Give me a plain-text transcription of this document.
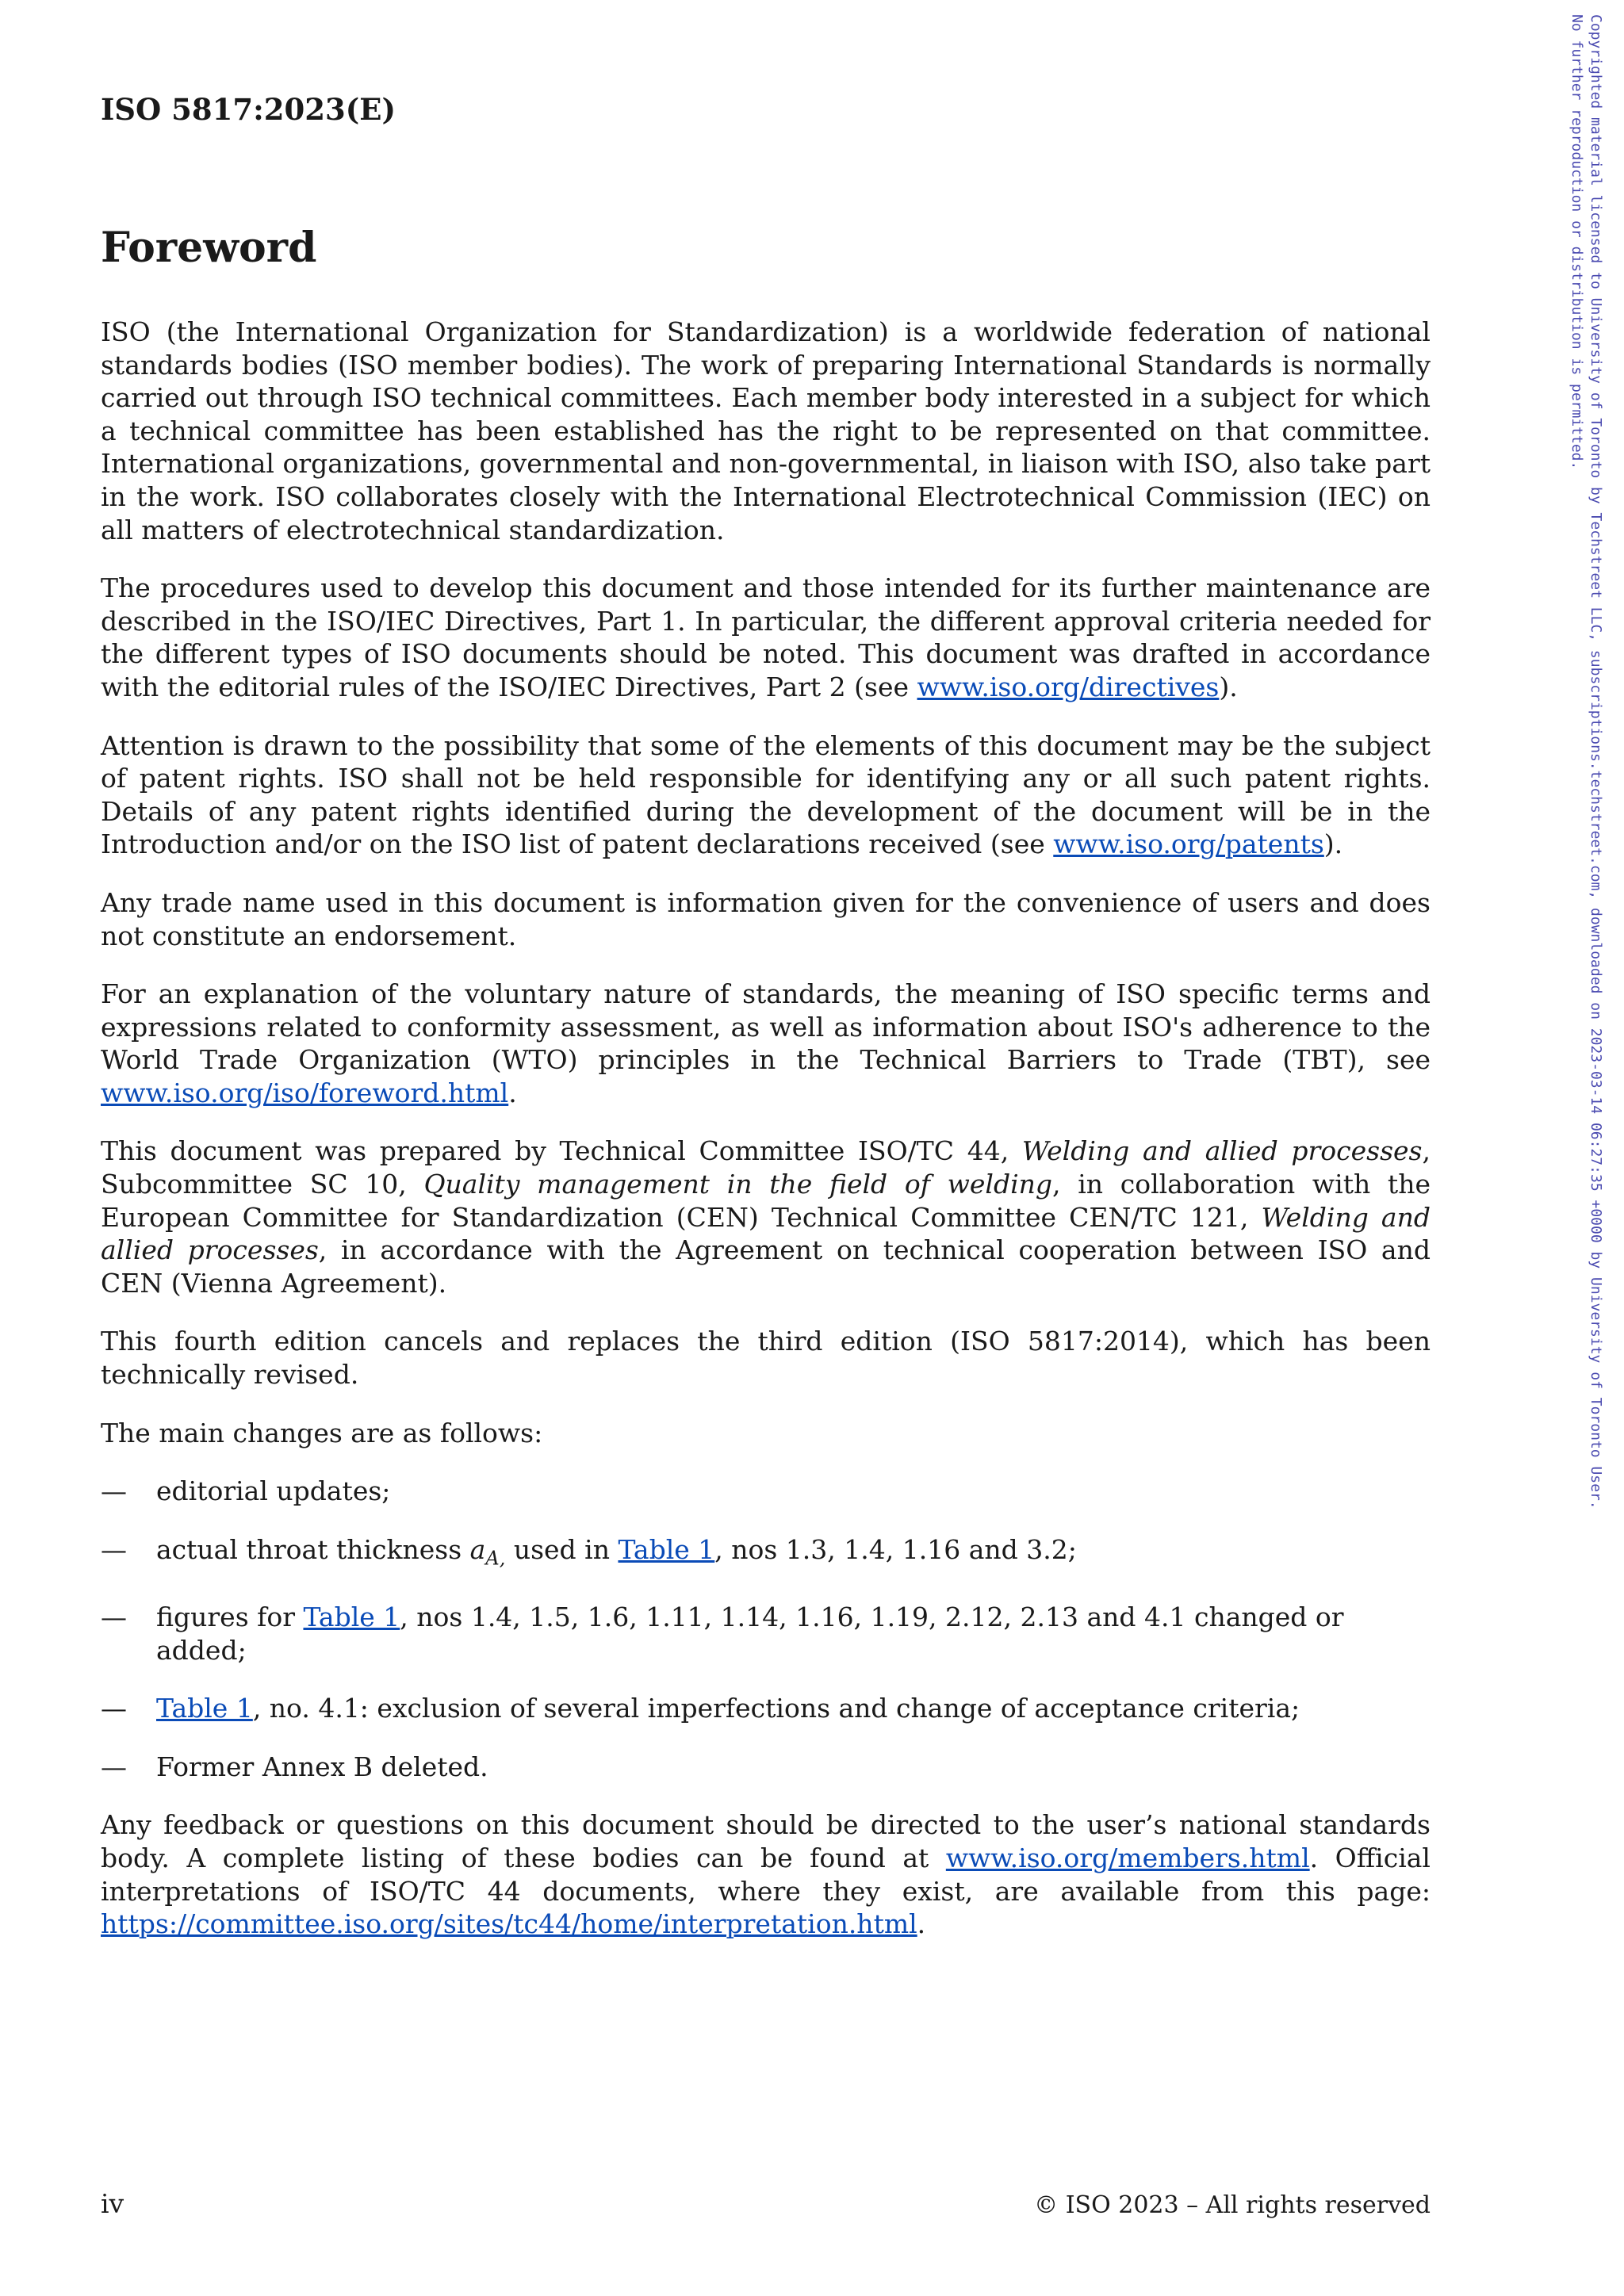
ISO 5817:2023(E)
Foreword

ISO (the International Organization for Standardization) is a worldwide federation of national standards bodies (ISO member bodies). The work of preparing International Standards is normally carried out through ISO technical committees. Each member body interested in a subject for which a technical committee has been established has the right to be represented on that committee. International organizations, governmental and non-governmental, in liaison with ISO, also take part in the work. ISO collaborates closely with the International Electrotechnical Commission (IEC) on all matters of electrotechnical standardization.

The procedures used to develop this document and those intended for its further maintenance are described in the ISO/IEC Directives, Part 1. In particular, the different approval criteria needed for the different types of ISO documents should be noted. This document was drafted in accordance with the editorial rules of the ISO/IEC Directives, Part 2 (see www.iso.org/directives).

Attention is drawn to the possibility that some of the elements of this document may be the subject of patent rights. ISO shall not be held responsible for identifying any or all such patent rights. Details of any patent rights identified during the development of the document will be in the Introduction and/or on the ISO list of patent declarations received (see www.iso.org/patents).

Any trade name used in this document is information given for the convenience of users and does not constitute an endorsement.

For an explanation of the voluntary nature of standards, the meaning of ISO specific terms and expressions related to conformity assessment, as well as information about ISO's adherence to the World Trade Organization (WTO) principles in the Technical Barriers to Trade (TBT), see www.iso.org/iso/foreword.html.

This document was prepared by Technical Committee ISO/TC 44, Welding and allied processes, Subcommittee SC 10, Quality management in the field of welding, in collaboration with the European Committee for Standardization (CEN) Technical Committee CEN/TC 121, Welding and allied processes, in accordance with the Agreement on technical cooperation between ISO and CEN (Vienna Agreement).

This fourth edition cancels and replaces the third edition (ISO 5817:2014), which has been technically revised.

The main changes are as follows:

—	editorial updates;
—	actual throat thickness $a_{A,}$ used in Table 1, nos 1.3, 1.4, 1.16 and 3.2;
—	figures for Table 1, nos 1.4, 1.5, 1.6, 1.11, 1.14, 1.16, 1.19, 2.12, 2.13 and 4.1 changed or added;
—	Table 1, no. 4.1: exclusion of several imperfections and change of acceptance criteria;
—	Former Annex B deleted.

Any feedback or questions on this document should be directed to the user’s national standards body. A complete listing of these bodies can be found at www.iso.org/members.html. Official interpretations of ISO/TC 44 documents, where they exist, are available from this page: https://committee.iso.org/sites/tc44/home/interpretation.html.

iv	© ISO 2023 – All rights reserved
Copyrighted material licensed to University of Toronto by Techstreet LLC, subscriptions.techstreet.com, downloaded on 2023-03-14 06:27:35 +0000 by University of Toronto User.
No further reproduction or distribution is permitted.
